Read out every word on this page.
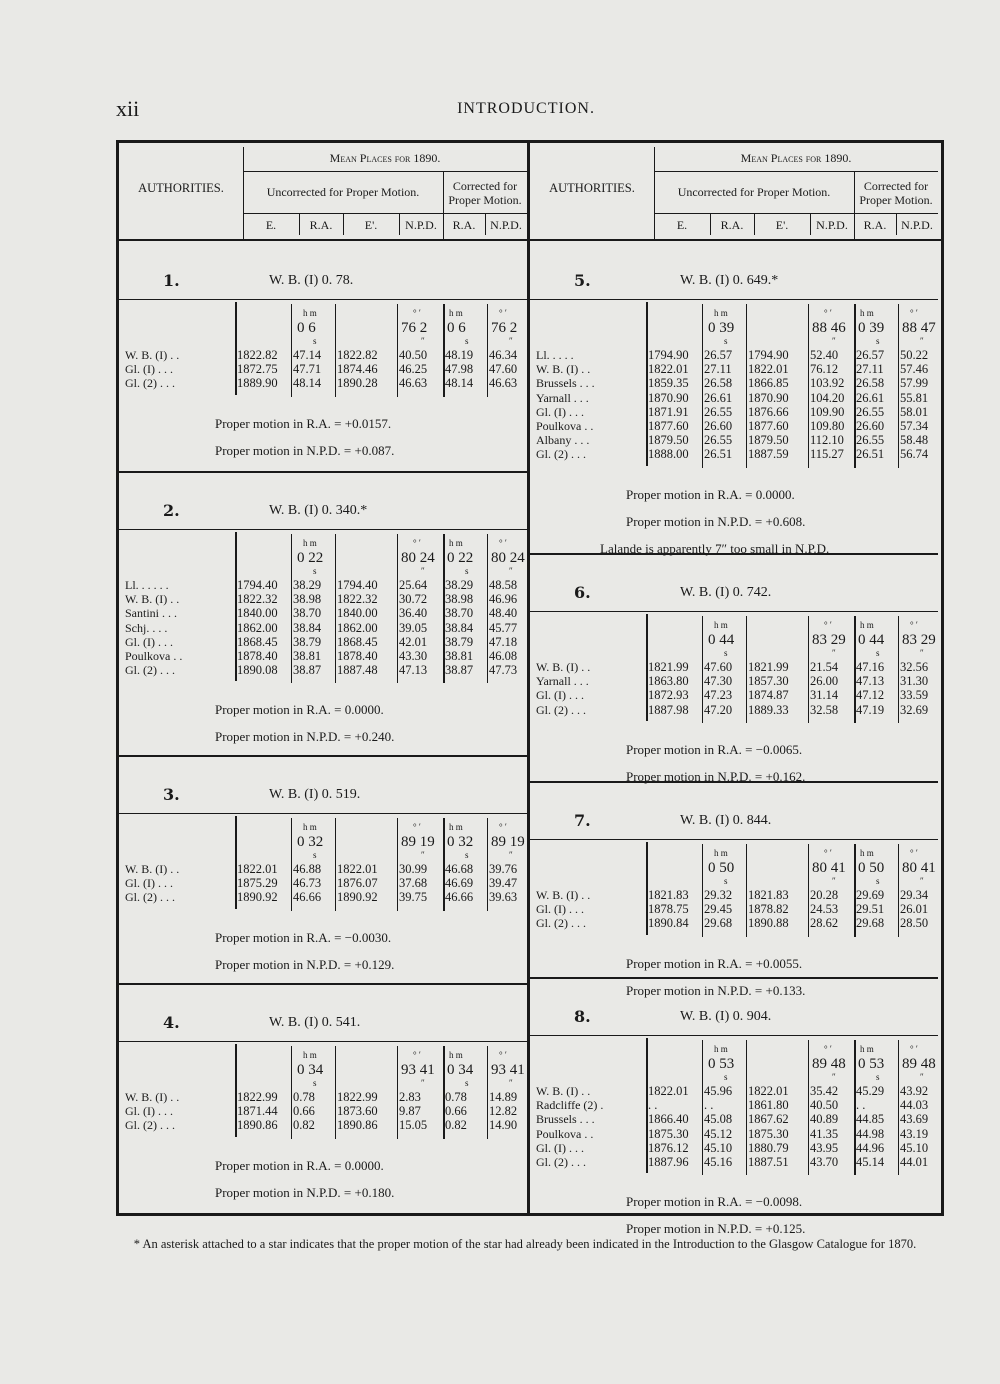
xii	INTRODUCTION.
AUTHORITIES.
Mean Places for 1890.
Uncorrected for Proper Motion.	Corrected for Proper Motion.
E.	R.A.	E'.	N.P.D.	R.A.	N.P.D.
AUTHORITIES.
Mean Places for 1890.
Uncorrected for Proper Motion.	Corrected for Proper Motion.
E.	R.A.	E'.	N.P.D.	R.A.	N.P.D.
1.	W. B. (I) 0. 78.
h m
0 6
s
° ′
76 2
″
h m
0 6
s
° ′
76 2
″
W. B. (I) . .	1822.82 47.14 1822.82 40.50 48.19 46.34
Gl. (I) . . .	1872.75 47.71 1874.46 46.25 47.98 47.60
Gl. (2) . . .	1889.90 48.14 1890.28 46.63 48.14 46.63
Proper motion in R.A. = +0.0157.
Proper motion in N.P.D. = +0.087.
2.	W. B. (I) 0. 340.*
h m
0 22
s
° ′
80 24
″
h m
0 22
s
° ′
80 24
″
Ll. . . . . .	1794.40 38.29 1794.40 25.64 38.29 48.58
W. B. (I) . .	1822.32 38.98 1822.32 30.72 38.98 46.96
Santini . . .	1840.00 38.70 1840.00 36.40 38.70 48.40
Schj. . . .	1862.00 38.84 1862.00 39.05 38.84 45.77
Gl. (I) . . .	1868.45 38.79 1868.45 42.01 38.79 47.18
Poulkova . .	1878.40 38.81 1878.40 43.30 38.81 46.08
Gl. (2) . . .	1890.08 38.87 1887.48 47.13 38.87 47.73
Proper motion in R.A. = 0.0000.
Proper motion in N.P.D. = +0.240.
3.	W. B. (I) 0. 519.
h m
0 32
s
° ′
89 19
″
h m
0 32
s
° ′
89 19
″
W. B. (I) . .	1822.01 46.88 1822.01 30.99 46.68 39.76
Gl. (I) . . .	1875.29 46.73 1876.07 37.68 46.69 39.47
Gl. (2) . . .	1890.92 46.66 1890.92 39.75 46.66 39.63
Proper motion in R.A. = −0.0030.
Proper motion in N.P.D. = +0.129.
4.	W. B. (I) 0. 541.
h m
0 34
s
° ′
93 41
″
h m
0 34
s
° ′
93 41
″
W. B. (I) . .	1822.99 0.78 1822.99 2.83 0.78 14.89
Gl. (I) . . .	1871.44 0.66 1873.60 9.87 0.66 12.82
Gl. (2) . . .	1890.86 0.82 1890.86 15.05 0.82 14.90
Proper motion in R.A. = 0.0000.
Proper motion in N.P.D. = +0.180.
5.	W. B. (I) 0. 649.*
h m
0 39
s
° ′
88 46
″
h m
0 39
s
° ′
88 47
″
Ll. . . . .	1794.90 26.57 1794.90 52.40 26.57 50.22
W. B. (I) . .	1822.01 27.11 1822.01 76.12 27.11 57.46
Brussels . . .	1859.35 26.58 1866.85 103.92 26.58 57.99
Yarnall . . .	1870.90 26.61 1870.90 104.20 26.61 55.81
Gl. (I) . . .	1871.91 26.55 1876.66 109.90 26.55 58.01
Poulkova . .	1877.60 26.60 1877.60 109.80 26.60 57.34
Albany . . .	1879.50 26.55 1879.50 112.10 26.55 58.48
Gl. (2) . . .	1888.00 26.51 1887.59 115.27 26.51 56.74
Proper motion in R.A. = 0.0000.
Proper motion in N.P.D. = +0.608.
Lalande is apparently 7″ too small in N.P.D.
6.	W. B. (I) 0. 742.
h m
0 44
s
° ′
83 29
″
h m
0 44
s
° ′
83 29
″
W. B. (I) . .	1821.99 47.60 1821.99 21.54 47.16 32.56
Yarnall . . .	1863.80 47.30 1857.30 26.00 47.13 31.30
Gl. (I) . . .	1872.93 47.23 1874.87 31.14 47.12 33.59
Gl. (2) . . .	1887.98 47.20 1889.33 32.58 47.19 32.69
Proper motion in R.A. = −0.0065.
Proper motion in N.P.D. = +0.162.
7.	W. B. (I) 0. 844.
h m
0 50
s
° ′
80 41
″
h m
0 50
s
° ′
80 41
″
W. B. (I) . .	1821.83 29.32 1821.83 20.28 29.69 29.34
Gl. (I) . . .	1878.75 29.45 1878.82 24.53 29.51 26.01
Gl. (2) . . .	1890.84 29.68 1890.88 28.62 29.68 28.50
Proper motion in R.A. = +0.0055.
Proper motion in N.P.D. = +0.133.
8.	W. B. (I) 0. 904.
h m
0 53
s
° ′
89 48
″
h m
0 53
s
° ′
89 48
″
W. B. (I) . .	1822.01 45.96 1822.01 35.42 45.29 43.92
Radcliffe (2) .	. .	. .	1861.80 40.50 . .	44.03
Brussels . . .	1866.40 45.08 1867.62 40.89 44.85 43.69
Poulkova . .	1875.30 45.12 1875.30 41.35 44.98 43.19
Gl. (I) . . .	1876.12 45.10 1880.79 43.95 44.96 45.10
Gl. (2) . . .	1887.96 45.16 1887.51 43.70 45.14 44.01
Proper motion in R.A. = −0.0098.
Proper motion in N.P.D. = +0.125.
* An asterisk attached to a star indicates that the proper motion of the star had already been indicated in the Introduction to the Glasgow Catalogue for 1870.
